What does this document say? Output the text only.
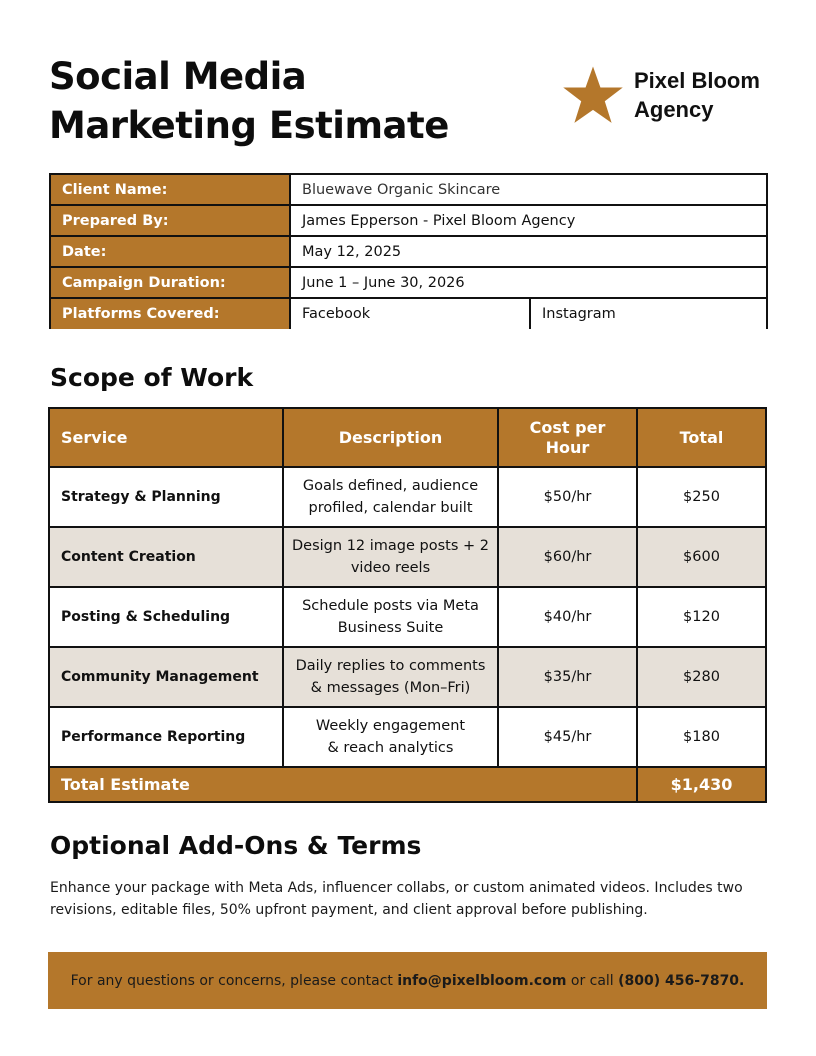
Social Media
Marketing Estimate
Pixel Bloom
Agency
Client Name:	Bluewave Organic Skincare	
Prepared By:	James Epperson - Pixel Bloom Agency	
Date:	May 12, 2025	
Campaign Duration:	June 1 – June 30, 2026	
Platforms Covered:	Facebook	Instagram
Scope of Work
Service	Description	Cost per Hour	Total
Strategy & Planning	Goals defined, audience profiled, calendar built	$50/hr	$250
Content Creation	Design 12 image posts + 2 video reels	$60/hr	$600
Posting & Scheduling	Schedule posts via Meta Business Suite	$40/hr	$120
Community Management	Daily replies to comments & messages (Mon–Fri)	$35/hr	$280
Performance Reporting	Weekly engagement & reach analytics	$45/hr	$180
Total Estimate			$1,430
Optional Add-Ons & Terms

Enhance your package with Meta Ads, influencer collabs, or custom animated videos. Includes two revisions, editable files, 50% upfront payment, and client approval before publishing.

For any questions or concerns, please contact info@pixelbloom.com or call (800) 456-7870.
